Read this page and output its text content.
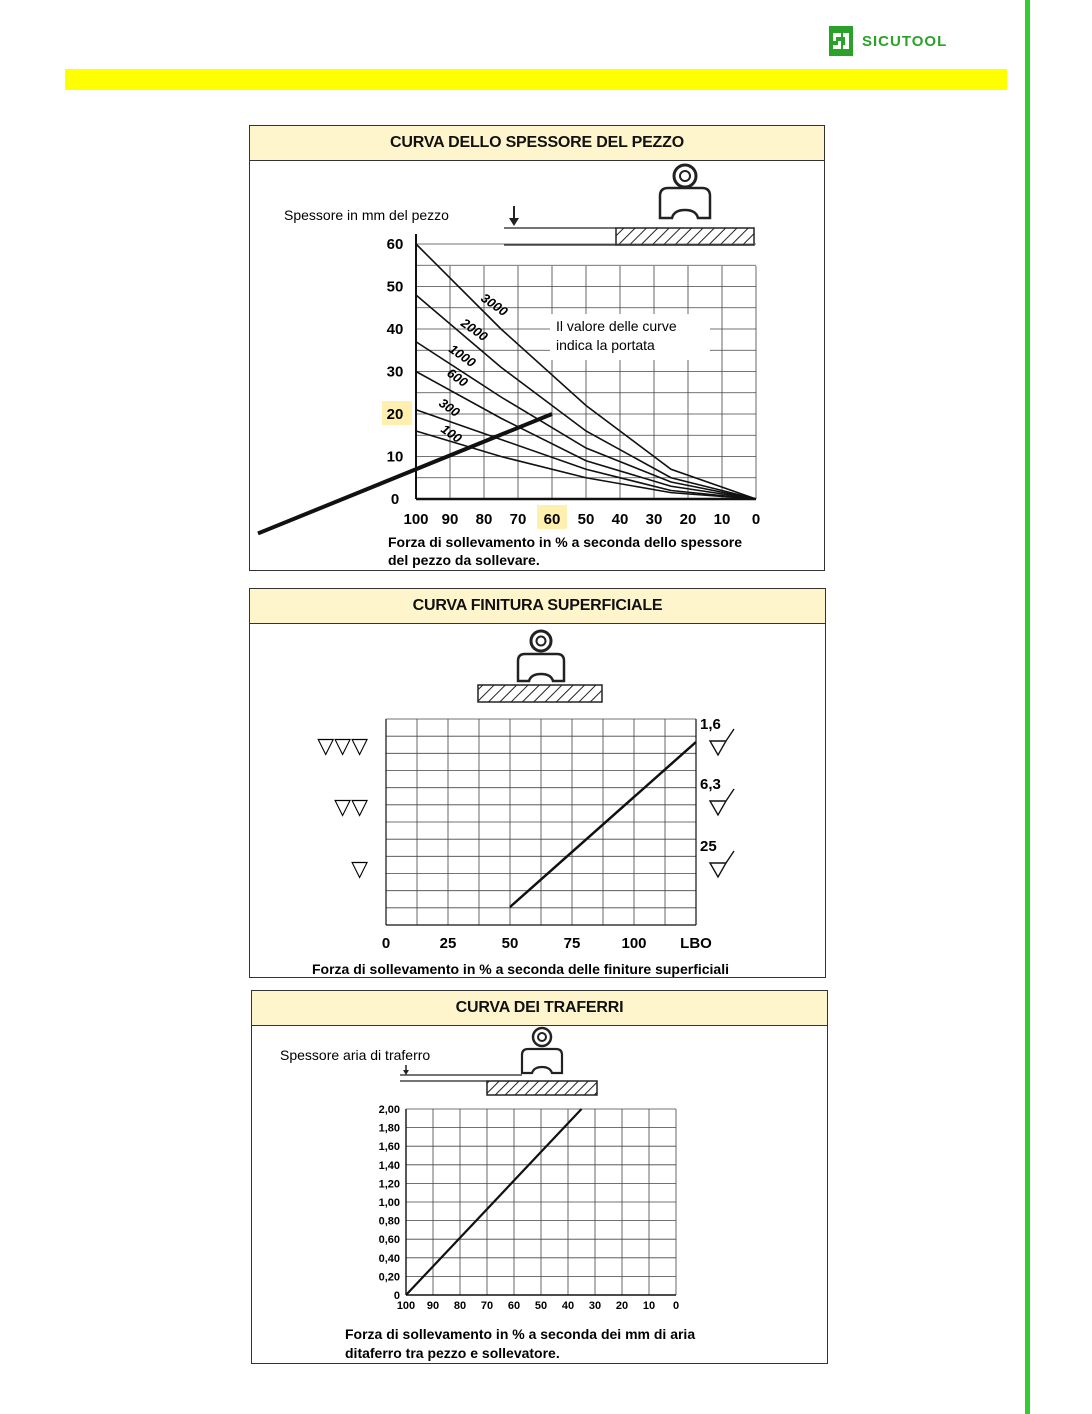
SICUTOOL
CURVA DELLO SPESSORE DEL PEZZO
3000
2000
1000
600
300
100
100 90 80 70 60 50 40 30 20 10 0
0
10
20
30
40
50
60
Spessore in mm del pezzo
Il valore delle curve
indica la portata
Forza di sollevamento in % a seconda dello spessore
del pezzo da sollevare.
CURVA FINITURA SUPERFICIALE
0	25	50	75	100 LBO
▽▽▽
▽▽
▽
1,6
6,3
25
Forza di sollevamento in % a seconda delle finiture superficiali
CURVA DEI TRAFERRI
100 90 80 70 60 50 40 30 20 10 0
0
0,20
0,40
0,60
0,80
1,00
1,20
1,40
1,60
1,80
2,00
Spessore aria di traferro
Forza di sollevamento in % a seconda dei mm di aria
ditaferro tra pezzo e sollevatore.
